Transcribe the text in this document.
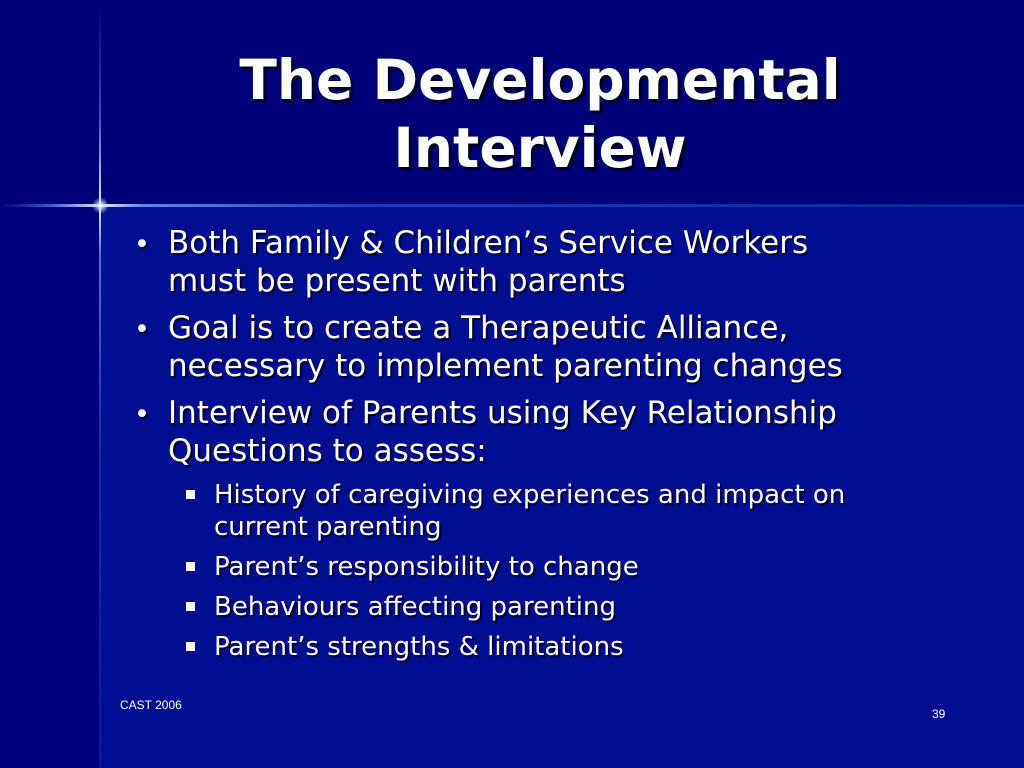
The Developmental
Interview
• Both Family & Children’s Service Workers
must be present with parents
• Goal is to create a Therapeutic Alliance,
necessary to implement parenting changes
• Interview of Parents using Key Relationship
Questions to assess:
History of caregiving experiences and impact on
current parenting
Parent’s responsibility to change
Behaviours affecting parenting
Parent’s strengths & limitations
CAST 2006
39
